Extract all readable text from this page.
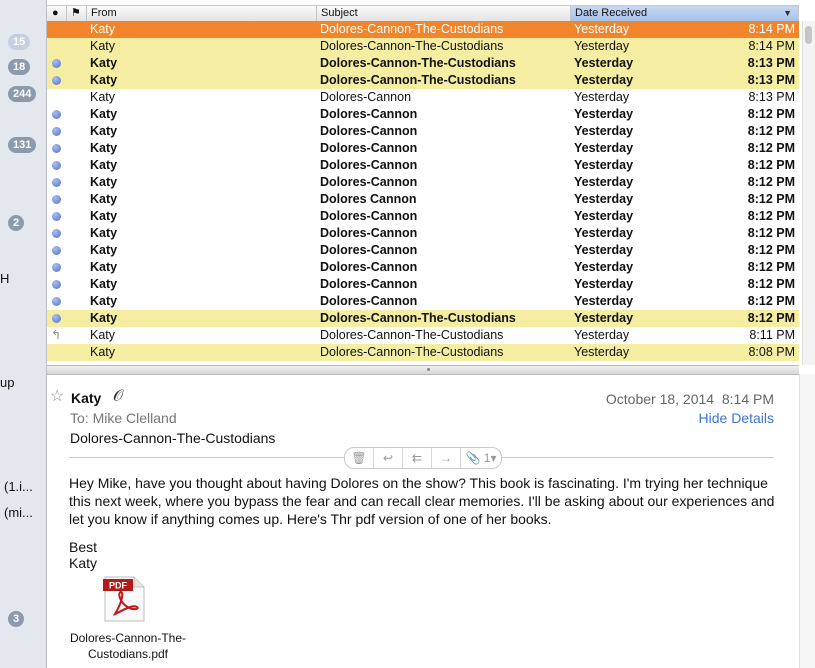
15
18
244
131
2
H
up
(1.i...
(mi...
3
●	⚑ From	Subject	Date Received	▼
Katy	Dolores-Cannon-The-Custodians	Yesterday	8:14 PM
Katy	Dolores-Cannon-The-Custodians	Yesterday	8:14 PM
Katy	Dolores-Cannon-The-Custodians	Yesterday	8:13 PM
Katy	Dolores-Cannon-The-Custodians	Yesterday	8:13 PM
Katy	Dolores-Cannon	Yesterday	8:13 PM
Katy	Dolores-Cannon	Yesterday	8:12 PM
Katy	Dolores-Cannon	Yesterday	8:12 PM
Katy	Dolores-Cannon	Yesterday	8:12 PM
Katy	Dolores-Cannon	Yesterday	8:12 PM
Katy	Dolores-Cannon	Yesterday	8:12 PM
Katy	Dolores Cannon	Yesterday	8:12 PM
Katy	Dolores-Cannon	Yesterday	8:12 PM
Katy	Dolores-Cannon	Yesterday	8:12 PM
Katy	Dolores-Cannon	Yesterday	8:12 PM
Katy	Dolores-Cannon	Yesterday	8:12 PM
Katy	Dolores-Cannon	Yesterday	8:12 PM
Katy	Dolores-Cannon	Yesterday	8:12 PM
Katy	Dolores-Cannon-The-Custodians	Yesterday	8:12 PM
↰ Katy	Dolores-Cannon-The-Custodians	Yesterday	8:11 PM
Katy	Dolores-Cannon-The-Custodians	Yesterday	8:08 PM
☆ Katy 𝒪	October 18, 2014 8:14 PM
To: Mike Clelland	Hide Details
Dolores-Cannon-The-Custodians
🗑	↩	⇇	→	📎 1▾

Hey Mike, have you thought about having Dolores on the show? This book is fascinating. I'm trying her technique this next week, where you bypass the fear and can recall clear memories. I'll be asking about our experiences and let you know if anything comes up. Here's Thr pdf version of one of her books.

Best
Katy
PDF
Dolores-Cannon-The-Custodians.pdf
